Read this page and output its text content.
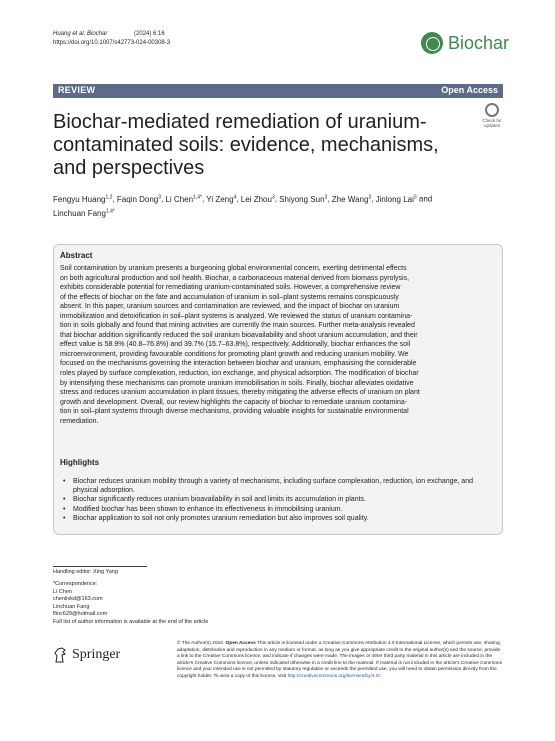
Huang et al. Biochar	(2024) 6:16
https://doi.org/10.1007/s42773-024-00308-3	Biochar
REVIEW	Open Access
Check for updates
Biochar-mediated remediation of uranium-contaminated soils: evidence, mechanisms, and perspectives
Fengyu Huang$^{1,2}$, Faqin Dong$^3$, Li Chen$^{1,4*}$, Yi Zeng$^4$, Lei Zhou$^3$, Shiyong Sun$^3$, Zhe Wang$^3$, Jinlong Lai$^3$ and
Linchuan Fang$^{1,4*}$
Abstract
Soil contamination by uranium presents a burgeoning global environmental concern, exerting detrimental effects
on both agricultural production and soil health. Biochar, a carbonaceous material derived from biomass pyrolysis,
exhibits considerable potential for remediating uranium-contaminated soils. However, a comprehensive review
of the effects of biochar on the fate and accumulation of uranium in soil–plant systems remains conspicuously
absent. In this paper, uranium sources and contamination are reviewed, and the impact of biochar on uranium
immobilization and detoxification in soil–plant systems is analyzed. We reviewed the status of uranium contamina-
tion in soils globally and found that mining activities are currently the main sources. Further meta-analysis revealed
that biochar addition significantly reduced the soil uranium bioavailability and shoot uranium accumulation, and their
effect value is 58.9% (40.8–76.8%) and 39.7% (15.7–63.8%), respectively. Additionally, biochar enhances the soil
microenvironment, providing favourable conditions for promoting plant growth and reducing uranium mobility. We
focused on the mechanisms governing the interaction between biochar and uranium, emphasising the considerable
roles played by surface complexation, reduction, ion exchange, and physical adsorption. The modification of biochar
by intensifying these mechanisms can promote uranium immobilisation in soils. Finally, biochar alleviates oxidative
stress and reduces uranium accumulation in plant tissues, thereby mitigating the adverse effects of uranium on plant
growth and development. Overall, our review highlights the capacity of biochar to remediate uranium contamina-
tion in soil–plant systems through diverse mechanisms, providing valuable insights for sustainable environmental
remediation.
Highlights
• Biochar reduces uranium mobility through a variety of mechanisms, including surface complexation, reduction, ion exchange, and physical adsorption.
• Biochar significantly reduces uranium bioavailability in soil and limits its accumulation in plants.
• Modified biochar has been shown to enhance its effectiveness in immobilising uranium.
• Biochar application to soil not only promotes uranium remediation but also improves soil quality.
Handling editor: Xing Yang
*Correspondence:
Li Chen
chenlixkd@163.com
Linchuan Fang
flinc629@hotmail.com
Full list of author information is available at the end of the article
Springer
© The Author(s) 2024. Open Access This article is licensed under a Creative Commons Attribution 4.0 International License, which permits use, sharing, adaptation, distribution and reproduction in any medium or format, as long as you give appropriate credit to the original author(s) and the source, provide a link to the Creative Commons licence, and indicate if changes were made. The images or other third party material in this article are included in the article's Creative Commons licence, unless indicated otherwise in a credit line to the material. If material is not included in the article's Creative Commons licence and your intended use is not permitted by statutory regulation or exceeds the permitted use, you will need to obtain permission directly from the copyright holder. To view a copy of this licence, visit http://creativecommons.org/licenses/by/4.0/.
